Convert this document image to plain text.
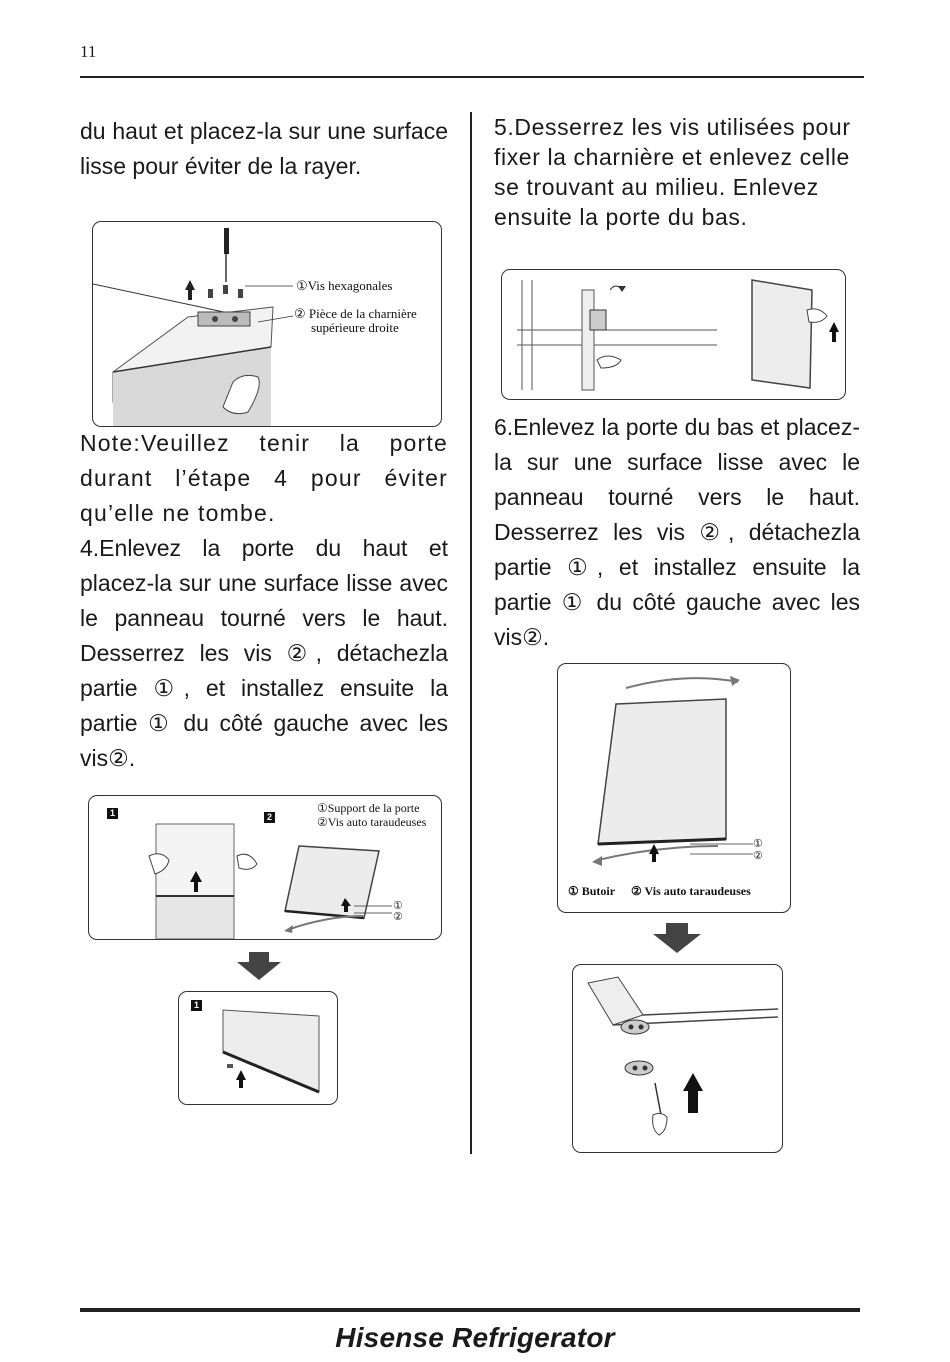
11

du haut et placez-la sur une surface lisse pour éviter de la rayer.

①Vis hexagonales
② Pièce de la charnière
supérieure droite

Note:Veuillez tenir la porte durant l’étape 4 pour éviter qu’elle ne tombe.

4.Enlevez la porte du haut et placez-la sur une surface lisse avec le panneau tourné vers le haut. Desserrez les vis ②, détachezla partie ①, et installez ensuite la partie ① du côté gauche avec les vis②.

1	2
①Support de la porte
②Vis auto taraudeuses
①
②
1

5.Desserrez les vis utilisées pour fixer la charnière et enlevez celle se trouvant au milieu. Enlevez ensuite la porte du bas.

6.Enlevez la porte du bas et placez-la sur une surface lisse avec le panneau tourné vers le haut. Desserrez les vis ②, détachezla partie ①, et installez ensuite la partie ① du côté gauche avec les vis②.

①
②
① Butoir ② Vis auto taraudeuses
Hisense Refrigerator
